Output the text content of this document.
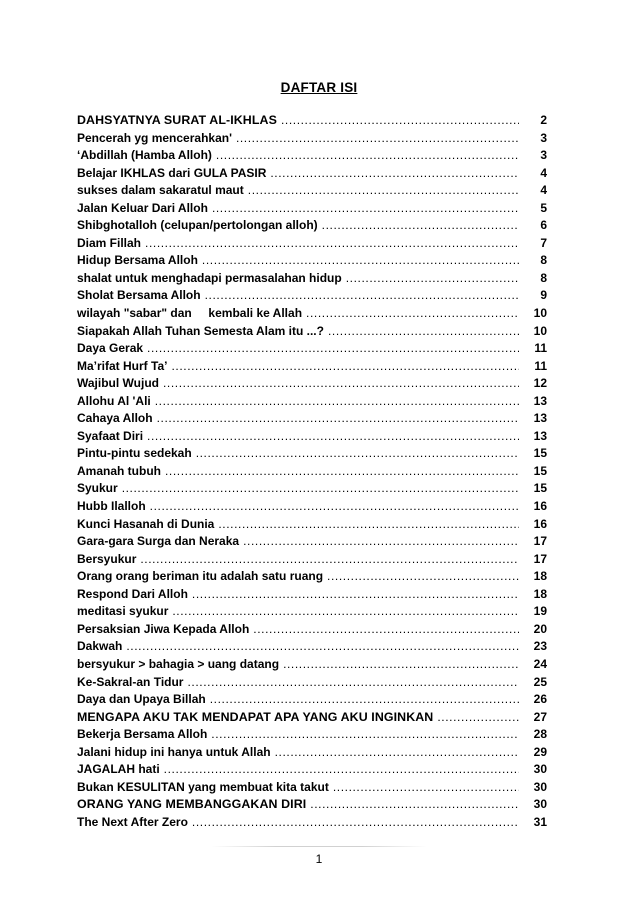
DAFTAR ISI
DAHSYATNYA SURAT AL-IKHLAS .....	2
Pencerah yg mencerahkan' .....	3
‘Abdillah (Hamba Alloh) .....	3
Belajar IKHLAS dari GULA PASIR .....	4
sukses dalam sakaratul maut .....	4
Jalan Keluar Dari Alloh .....	5
Shibghotalloh (celupan/pertolongan alloh) .....	6
Diam Fillah .....	7
Hidup Bersama Alloh .....	8
shalat untuk menghadapi permasalahan hidup .....	8
Sholat Bersama Alloh .....	9
wilayah "sabar" dan     kembali ke Allah .....	10
Siapakah Allah Tuhan Semesta Alam itu ...? .....	10
Daya Gerak .....	11
Ma’rifat Hurf Ta’ .....	11
Wajibul Wujud .....	12
Allohu Al 'Ali .....	13
Cahaya Alloh .....	13
Syafaat Diri .....	13
Pintu-pintu sedekah .....	15
Amanah tubuh .....	15
Syukur .....	15
Hubb Ilalloh .....	16
Kunci Hasanah di Dunia .....	16
Gara-gara Surga dan Neraka .....	17
Bersyukur .....	17
Orang orang beriman itu adalah satu ruang .....	18
Respond Dari Alloh .....	18
meditasi syukur .....	19
Persaksian Jiwa Kepada Alloh .....	20
Dakwah .....	23
bersyukur > bahagia > uang datang .....	24
Ke-Sakral-an Tidur .....	25
Daya dan Upaya Billah .....	26
MENGAPA AKU TAK MENDAPAT APA YANG AKU INGINKAN .....	27
Bekerja Bersama Alloh .....	28
Jalani hidup ini hanya untuk Allah .....	29
JAGALAH hati .....	30
Bukan KESULITAN yang membuat kita takut .....	30
ORANG YANG MEMBANGGAKAN DIRI .....	30
The Next After Zero .....	31
1
